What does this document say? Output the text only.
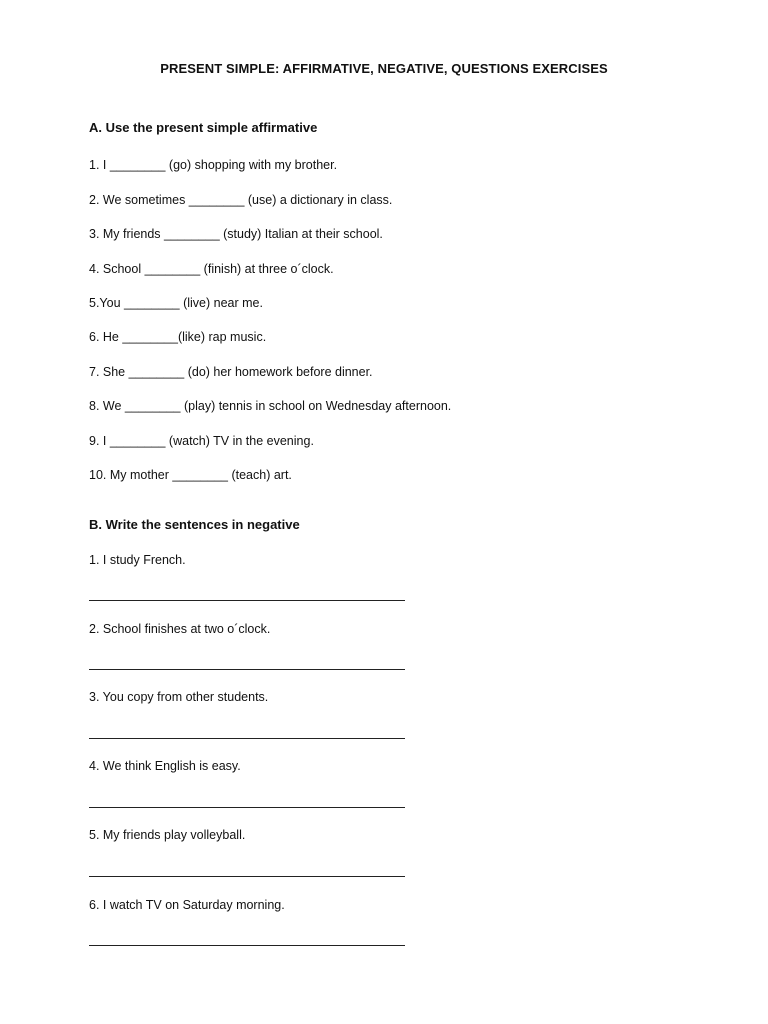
PRESENT SIMPLE: AFFIRMATIVE, NEGATIVE, QUESTIONS EXERCISES
A. Use the present simple affirmative
1. I ________ (go) shopping with my brother.
2. We sometimes ________ (use) a dictionary in class.
3. My friends ________ (study) Italian at their school.
4. School ________ (finish) at three o´clock.
5.You ________ (live) near me.
6. He ________(like) rap music.
7. She ________ (do) her homework before dinner.
8. We ________ (play) tennis in school on Wednesday afternoon.
9. I ________ (watch) TV in the evening.
10. My mother ________ (teach) art.
B. Write the sentences in negative
1. I study French.
2. School finishes at two o´clock.
3. You copy from other students.
4. We think English is easy.
5. My friends play volleyball.
6. I watch TV on Saturday morning.
